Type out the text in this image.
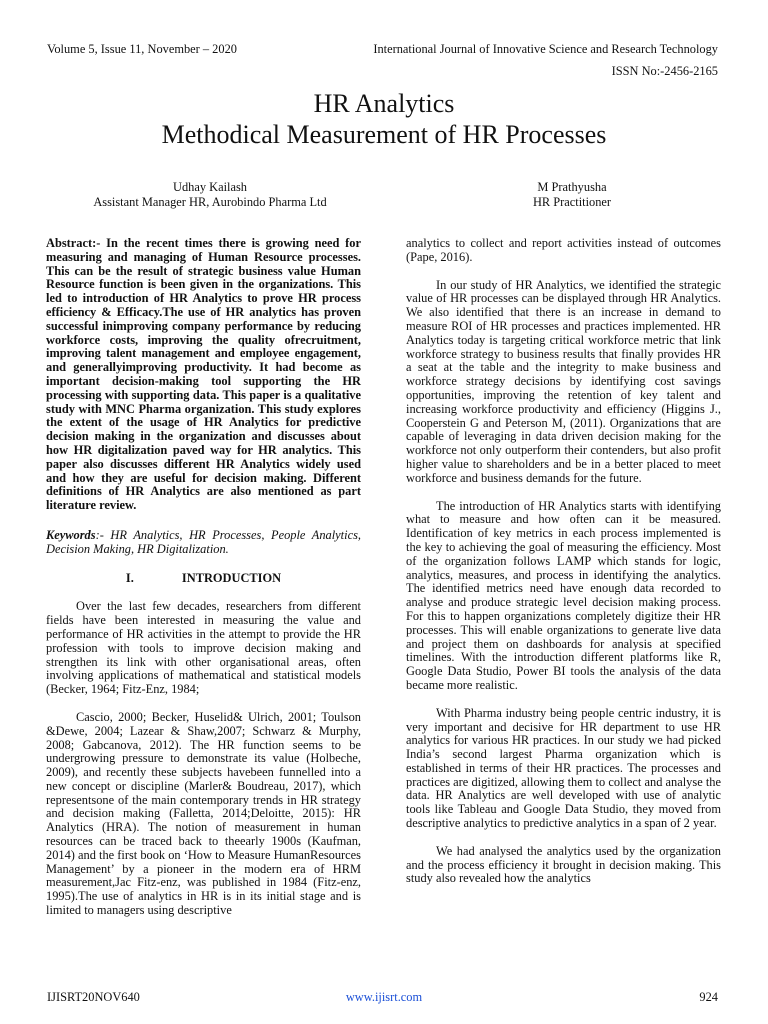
Volume 5, Issue 11, November – 2020	International Journal of Innovative Science and Research Technology
ISSN No:-2456-2165
HR Analytics
Methodical Measurement of HR Processes
Udhay Kailash
Assistant Manager HR, Aurobindo Pharma Ltd
M Prathyusha
HR Practitioner

Abstract:- In the recent times there is growing need for measuring and managing of Human Resource processes. This can be the result of strategic business value Human Resource function is been given in the organizations. This led to introduction of HR Analytics to prove HR process efficiency & Efficacy.The use of HR analytics has proven successful inimproving company performance by reducing workforce costs, improving the quality ofrecruitment, improving talent management and employee engagement, and generallyimproving productivity. It had become as important decision-making tool supporting the HR processing with supporting data. This paper is a qualitative study with MNC Pharma organization. This study explores the extent of the usage of HR Analytics for predictive decision making in the organization and discusses about how HR digitalization paved way for HR analytics. This paper also discusses different HR Analytics widely used and how they are useful for decision making. Different definitions of HR Analytics are also mentioned as part literature review.

Keywords:- HR Analytics, HR Processes, People Analytics, Decision Making, HR Digitalization.

I.	INTRODUCTION

Over the last few decades, researchers from different fields have been interested in measuring the value and performance of HR activities in the attempt to provide the HR profession with tools to improve decision making and strengthen its link with other organisational areas, often involving applications of mathematical and statistical models (Becker, 1964; Fitz-Enz, 1984;

Cascio, 2000; Becker, Huselid& Ulrich, 2001; Toulson &Dewe, 2004; Lazear & Shaw,2007; Schwarz & Murphy, 2008; Gabcanova, 2012). The HR function seems to be undergrowing pressure to demonstrate its value (Holbeche, 2009), and recently these subjects havebeen funnelled into a new concept or discipline (Marler& Boudreau, 2017), which representsone of the main contemporary trends in HR strategy and decision making (Falletta, 2014;Deloitte, 2015): HR Analytics (HRA). The notion of measurement in human resources can be traced back to theearly 1900s (Kaufman, 2014) and the first book on ‘How to Measure HumanResources Management’ by a pioneer in the modern era of HRM measurement,Jac Fitz-enz, was published in 1984 (Fitz-enz, 1995).The use of analytics in HR is in its initial stage and is limited to managers using descriptive

analytics to collect and report activities instead of outcomes (Pape, 2016).

In our study of HR Analytics, we identified the strategic value of HR processes can be displayed through HR Analytics. We also identified that there is an increase in demand to measure ROI of HR processes and practices implemented. HR Analytics today is targeting critical workforce metric that link workforce strategy to business results that finally provides HR a seat at the table and the integrity to make business and workforce strategy decisions by identifying cost savings opportunities, improving the retention of key talent and increasing workforce productivity and efficiency (Higgins J., Cooperstein G and Peterson M, (2011). Organizations that are capable of leveraging in data driven decision making for the workforce not only outperform their contenders, but also profit higher value to shareholders and be in a better placed to meet workforce and business demands for the future.

The introduction of HR Analytics starts with identifying what to measure and how often can it be measured. Identification of key metrics in each process implemented is the key to achieving the goal of measuring the efficiency. Most of the organization follows LAMP which stands for logic, analytics, measures, and process in identifying the analytics. The identified metrics need have enough data recorded to analyse and produce strategic level decision making process. For this to happen organizations completely digitize their HR processes. This will enable organizations to generate live data and project them on dashboards for analysis at specified timelines. With the introduction different platforms like R, Google Data Studio, Power BI tools the analysis of the data became more realistic.

With Pharma industry being people centric industry, it is very important and decisive for HR department to use HR analytics for various HR practices. In our study we had picked India’s second largest Pharma organization which is established in terms of their HR practices. The processes and practices are digitized, allowing them to collect and analyse the data. HR Analytics are well developed with use of analytic tools like Tableau and Google Data Studio, they moved from descriptive analytics to predictive analytics in a span of 2 year.

We had analysed the analytics used by the organization and the process efficiency it brought in decision making. This study also revealed how the analytics

IJISRT20NOV640	www.ijisrt.com	924
